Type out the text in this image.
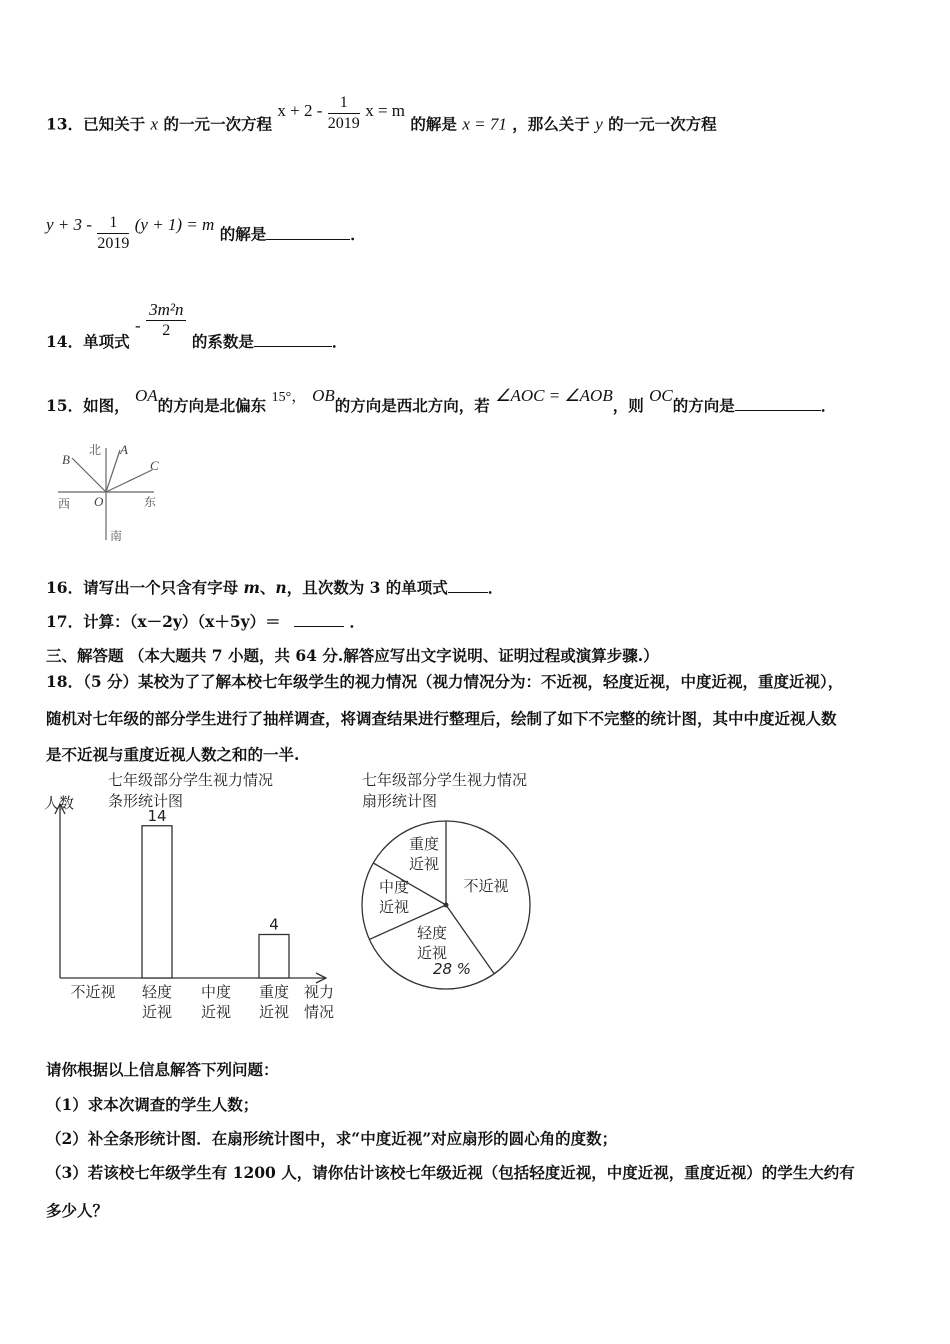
13．已知关于 x 的一元一次方程 $x + 2 - \frac{1}{2019}$ x = m 的解是 x = 71 ，那么关于 y 的一元一次方程
$y + 3 - \frac{1}{2019} (y + 1) = m$ 的解是	．
14．单项式 - $\frac{\text{3m²n}}{2}$ 的系数是	．
15．如图， OA的方向是北偏东 15°， OB的方向是西北方向，若 ∠AOC = ∠AOB，则 OC的方向是	．
北 A
B	C
西 O	东
南
16．请写出一个只含有字母 m、n，且次数为 3 的单项式	．
17．计算：（x－2y）（x＋5y）＝	．
三、解答题 （本大题共 7 小题，共 64 分.解答应写出文字说明、证明过程或演算步骤.）
18．（5 分）某校为了了解本校七年级学生的视力情况（视力情况分为：不近视，轻度近视，中度近视，重度近视），
随机对七年级的部分学生进行了抽样调查，将调查结果进行整理后，绘制了如下不完整的统计图，其中中度近视人数
是不近视与重度近视人数之和的一半.
七年级部分学生视力情况
条形统计图
人数
视力
情况
不近视
14
轻度
近视
中度
近视
4
重度
近视
七年级部分学生视力情况
扇形统计图
不近视
轻度
近视
中度
近视
重度
近视
28 %
请你根据以上信息解答下列问题：
（1）求本次调查的学生人数；
（2）补全条形统计图．在扇形统计图中，求“中度近视”对应扇形的圆心角的度数；
（3）若该校七年级学生有 1200 人，请你估计该校七年级近视（包括轻度近视，中度近视，重度近视）的学生大约有
多少人？
